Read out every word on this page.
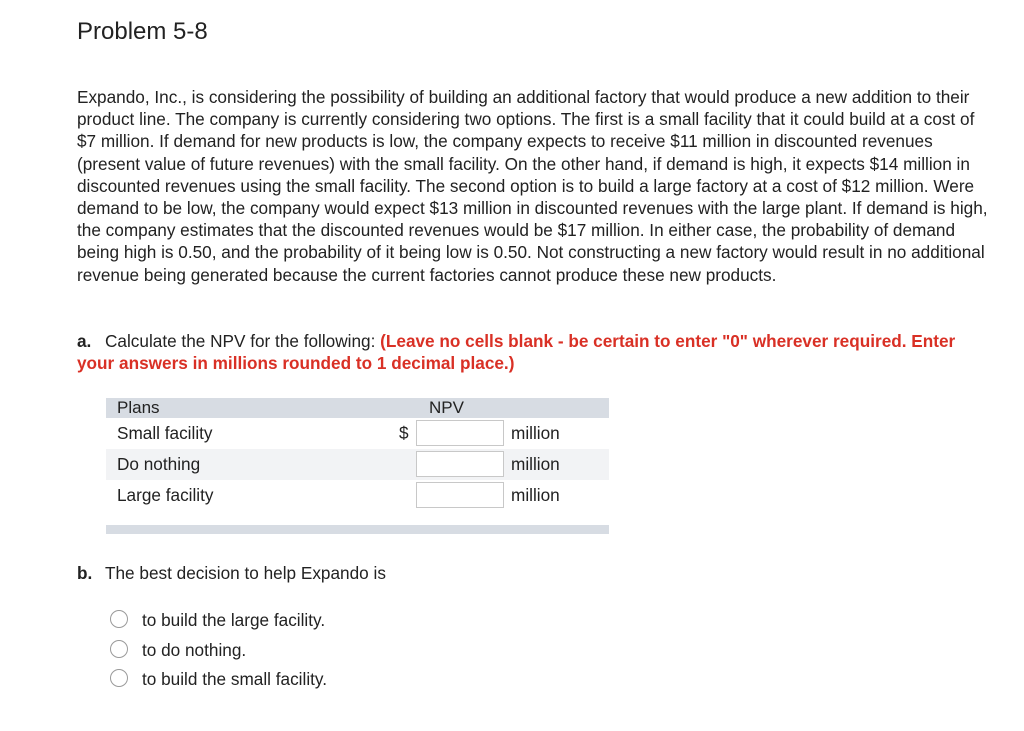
Problem 5-8

Expando, Inc., is considering the possibility of building an additional factory that would produce a new addition to their product line. The company is currently considering two options. The first is a small facility that it could build at a cost of $7 million. If demand for new products is low, the company expects to receive $11 million in discounted revenues (present value of future revenues) with the small facility. On the other hand, if demand is high, it expects $14 million in discounted revenues using the small facility. The second option is to build a large factory at a cost of $12 million. Were demand to be low, the company would expect $13 million in discounted revenues with the large plant. If demand is high, the company estimates that the discounted revenues would be $17 million. In either case, the probability of demand being high is 0.50, and the probability of it being low is 0.50. Not constructing a new factory would result in no additional revenue being generated because the current factories cannot produce these new products.

a. Calculate the NPV for the following: (Leave no cells blank - be certain to enter "0" wherever required. Enter your answers in millions rounded to 1 decimal place.)
Plans	NPV
Small facility	$	million
Do nothing	million
Large facility	million
b. The best decision to help Expando is
to build the large facility.
to do nothing.
to build the small facility.
